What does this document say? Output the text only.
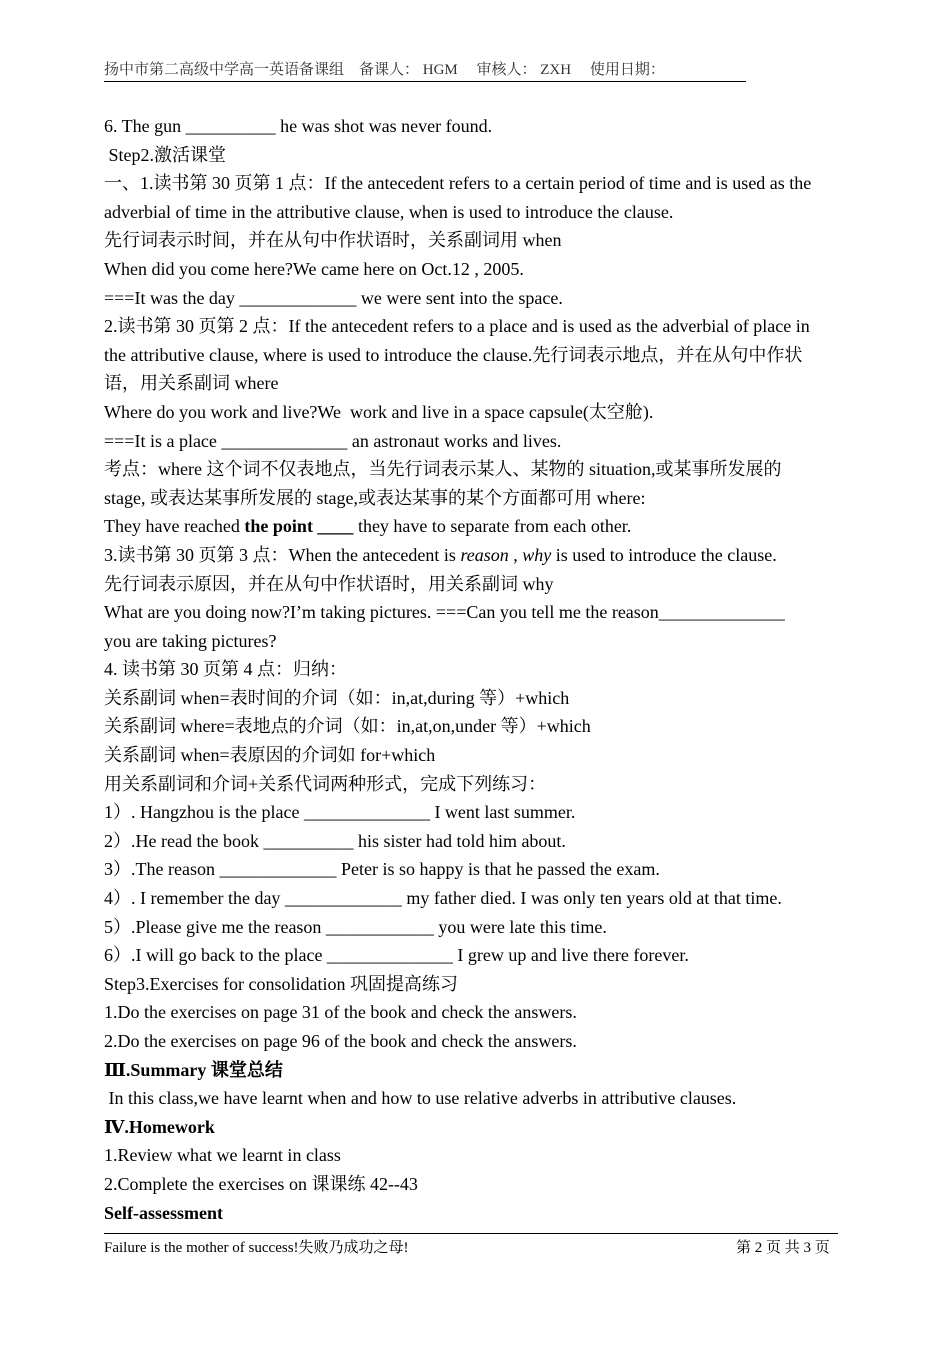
扬中市第二高级中学高一英语备课组    备课人： HGM     审核人： ZXH     使用日期：
6. The gun __________ he was shot was never found.
Step2.激活课堂
一、1.读书第 30 页第 1 点：If the antecedent refers to a certain period of time and is used as the
adverbial of time in the attributive clause, when is used to introduce the clause.
先行词表示时间，并在从句中作状语时，关系副词用 when
When did you come here?We came here on Oct.12 , 2005.
===It was the day _____________ we were sent into the space.
2.读书第 30 页第 2 点：If the antecedent refers to a place and is used as the adverbial of place in
the attributive clause, where is used to introduce the clause.先行词表示地点，并在从句中作状
语，用关系副词 where
Where do you work and live?We  work and live in a space capsule(太空舱).
===It is a place ______________ an astronaut works and lives.
考点：where 这个词不仅表地点，当先行词表示某人、某物的 situation,或某事所发展的
stage, 或表达某事所发展的 stage,或表达某事的某个方面都可用 where:
They have reached the point ____ they have to separate from each other.
3.读书第 30 页第 3 点：When the antecedent is reason , why is used to introduce the clause.
先行词表示原因，并在从句中作状语时，用关系副词 why
What are you doing now?I’m taking pictures. ===Can you tell me the reason______________
you are taking pictures?
4. 读书第 30 页第 4 点：归纳：
关系副词 when=表时间的介词（如：in,at,during 等）+which
关系副词 where=表地点的介词（如：in,at,on,under 等）+which
关系副词 when=表原因的介词如 for+which
用关系副词和介词+关系代词两种形式，完成下列练习：
1）. Hangzhou is the place ______________ I went last summer.
2）.He read the book __________ his sister had told him about.
3）.The reason _____________ Peter is so happy is that he passed the exam.
4）. I remember the day _____________ my father died. I was only ten years old at that time.
5）.Please give me the reason ____________ you were late this time.
6）.I will go back to the place ______________ I grew up and live there forever.
Step3.Exercises for consolidation 巩固提高练习
1.Do the exercises on page 31 of the book and check the answers.
2.Do the exercises on page 96 of the book and check the answers.
Ⅲ.Summary 课堂总结
In this class,we have learnt when and how to use relative adverbs in attributive clauses.
Ⅳ.Homework
1.Review what we learnt in class
2.Complete the exercises on 课课练 42--43
Self-assessment
Failure is the mother of success!失败乃成功之母!	第 2 页 共 3 页
